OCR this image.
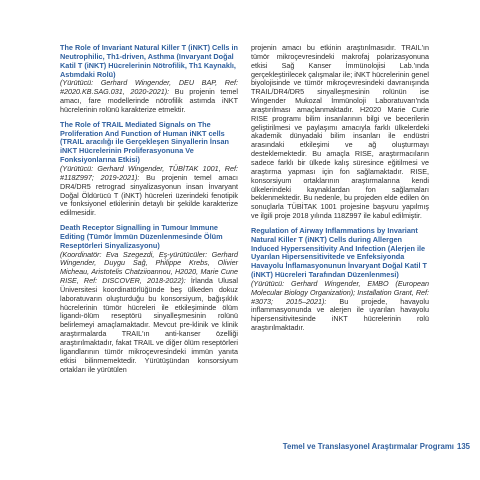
The Role of Invariant Natural Killer T (iNKT) Cells in Neutrophilic, Th1-driven, Asthma (Invaryant Doğal Katil T (iNKT) Hücrelerinin Nötrofilik, Th1 Kaynaklı, Astımdaki Rolü)

(Yürütücü: Gerhard Wingender, DEU BAP, Ref: #2020.KB.SAG.031, 2020-2021): Bu projenin temel amacı, fare modellerinde nötrofilik astımda iNKT hücrelerinin rolünü karakterize etmektir.

The Role of TRAIL Mediated Signals on The Proliferation And Function of Human iNKT cells (TRAIL aracılığı ile Gerçekleşen Sinyallerin İnsan iNKT Hücrelerinin Proliferasyonuna Ve Fonksiyonlarına Etkisi)

(Yürütücü: Gerhard Wingender, TÜBİTAK 1001, Ref: #118Z997; 2019-2021): Bu projenin temel amacı DR4/DR5 retrograd sinyalizasyonun insan İnvaryant Doğal Öldürücü T (iNKT) hücreleri üzerindeki fenotipik ve fonksiyonel etkilerinin detaylı bir şekilde karakterize edilmesidir.

Death Receptor Signalling in Tumour Immune Editing (Tümör İmmün Düzenlenmesinde Ölüm Reseptörleri Sinyalizasyonu)

(Koordinatör: Eva Szegezdi, Eş-yürütücüler: Gerhard Wingender, Duygu Sağ, Philippe Krebs, Olivier Micheau, Aristotelis Chatziioannou, H2020, Marie Cune RISE, Ref: DISCOVER, 2018-2022): İrlanda Ulusal Üniversitesi koordinatörlüğünde beş ülkeden dokuz laboratuvarın oluşturduğu bu konsorsiyum, bağışıklık hücrelerinin tümör hücreleri ile etkileşiminde ölüm ligandı-ölüm reseptörü sinyalleşmesinin rolünü belirlemeyi amaçlamaktadır. Mevcut pre-klinik ve klinik araştırmalarda TRAIL'ın anti-kanser özelliği araştırılmaktadır, fakat TRAIL ve diğer ölüm reseptörleri ligandlarının tümör mikroçevresindeki immün yanıta etkisi bilinmemektedir. Yürütüşündan konsorsiyum ortakları ile yürütülen

projenin amacı bu etkinin araştırılmasıdır. TRAIL'ın tümör mikroçevresindeki makrofaj polarizasyonuna etkisi Sağ Kanser İmmünolojisi Lab.'ında gerçekleştirilecek çalışmalar ile; iNKT hücrelerinin genel biyolojisinde ve tümör mikroçevresindeki davranışında TRAIL/DR4/DR5 sinyalleşmesinin rolünün ise Wingender Mukozal İmmünoloji Laboratuvarı'nda araştırılması amaçlanmaktadır. H2020 Marie Curie RISE programı bilim insanlarının bilgi ve becerilerin geliştirilmesi ve paylaşımı amacıyla farklı ülkelerdeki akademik dünyadaki bilim insanları ile endüstri arasındaki etkileşimi ve ağ oluşturmayı desteklemektedir. Bu amaçla RISE, araştırmacıların sadece farklı bir ülkede kalış süresince eğitilmesi ve araştırma yapması için fon sağlamaktadır. RISE, konsorsiyum ortaklarının araştırmalarına kendi ülkelerindeki kaynaklardan fon sağlamaları beklenmektedir. Bu nedenle, bu projeden elde edilen ön sonuçlarla TÜBİTAK 1001 projesine başvuru yapılmış ve ilgili proje 2018 yılında 118Z997 ile kabul edilmiştir.

Regulation of Airway Inflammations by Invariant Natural Killer T (iNKT) Cells during Allergen Induced Hypersensitivity And Infection (Alerjen ile Uyarılan Hipersensitivitede ve Enfeksiyonda Havayolu İnflamasyonunun İnvaryant Doğal Katil T (iNKT) Hücreleri Tarafından Düzenlenmesi)

(Yürütücü: Gerhard Wingender, EMBO (European Molecular Biology Organization); Installation Grant, Ref: #3073; 2015–2021): Bu projede, havayolu inflammasyonunda ve alerjen ile uyarılan havayolu hipersensitivitesinde iNKT hücrelerinin rolü araştırılmaktadır.

Temel ve Translasyonel Araştırmalar Programı 135
